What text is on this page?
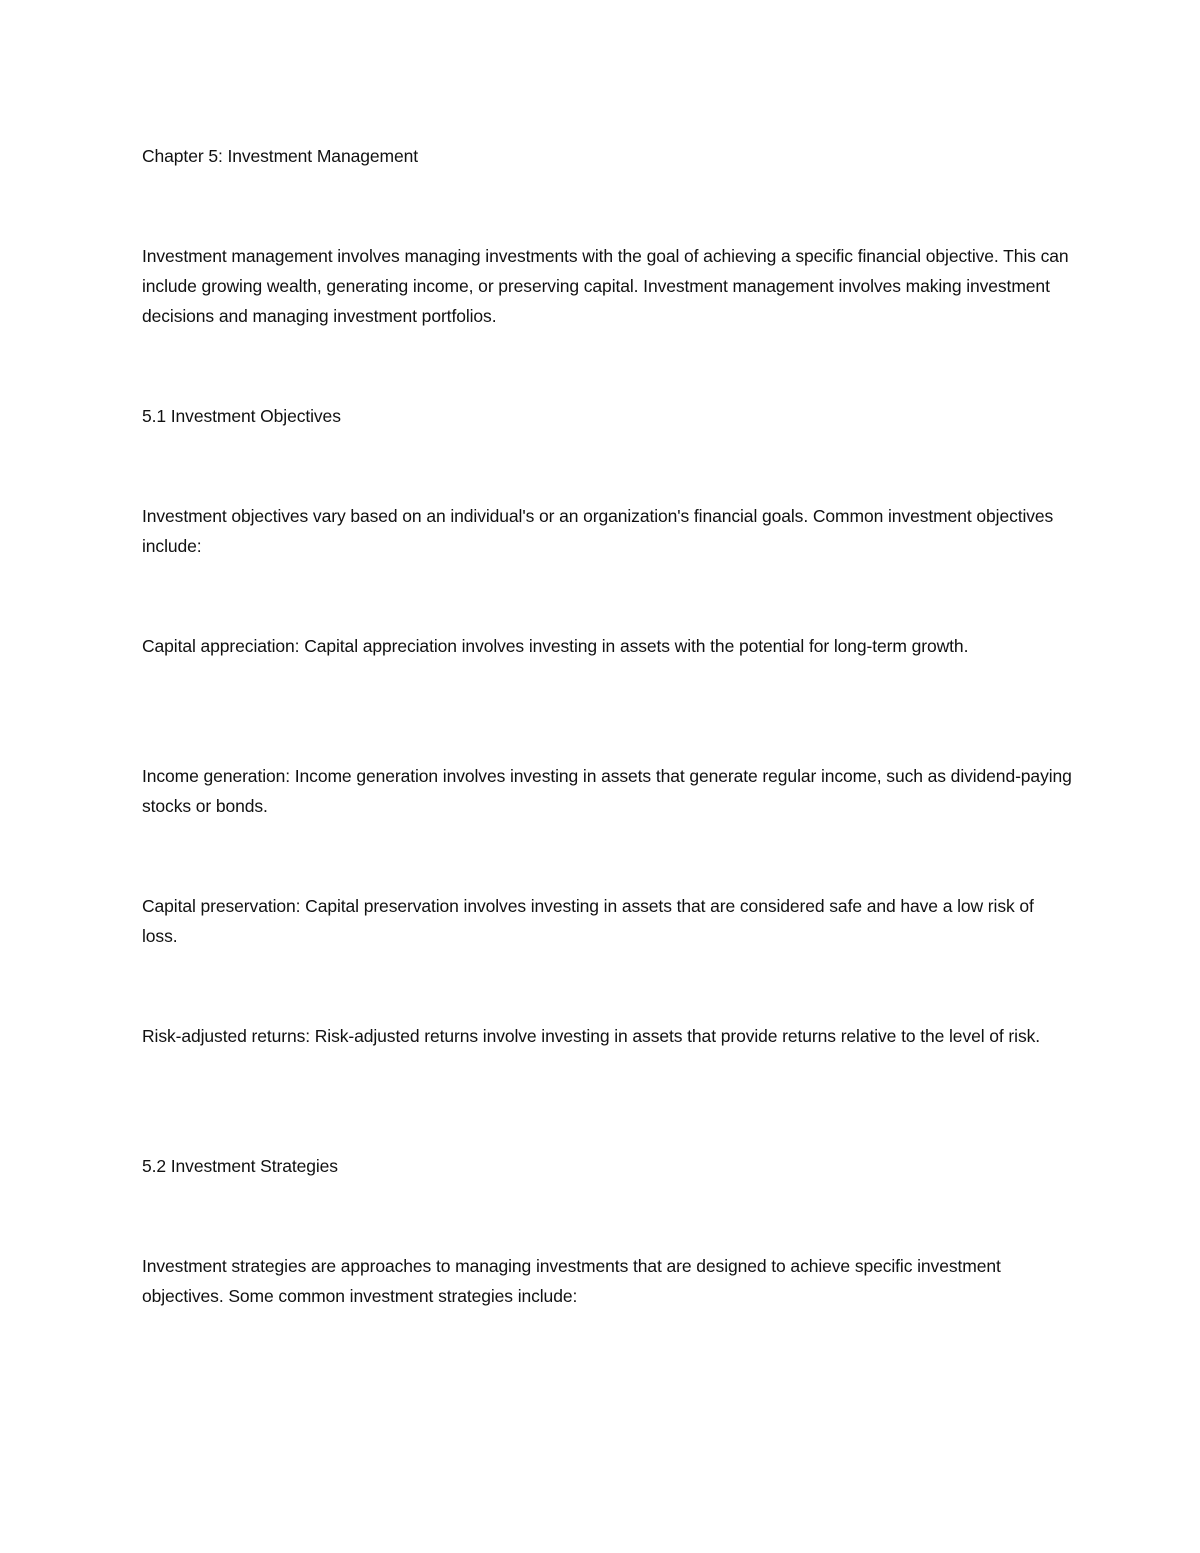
Chapter 5: Investment Management

Investment management involves managing investments with the goal of achieving a specific financial objective. This can include growing wealth, generating income, or preserving capital. Investment management involves making investment decisions and managing investment portfolios.

5.1 Investment Objectives

Investment objectives vary based on an individual's or an organization's financial goals. Common investment objectives include:

Capital appreciation: Capital appreciation involves investing in assets with the potential for long-term growth.

Income generation: Income generation involves investing in assets that generate regular income, such as dividend-paying stocks or bonds.

Capital preservation: Capital preservation involves investing in assets that are considered safe and have a low risk of loss.

Risk-adjusted returns: Risk-adjusted returns involve investing in assets that provide returns relative to the level of risk.

5.2 Investment Strategies

Investment strategies are approaches to managing investments that are designed to achieve specific investment objectives. Some common investment strategies include:
